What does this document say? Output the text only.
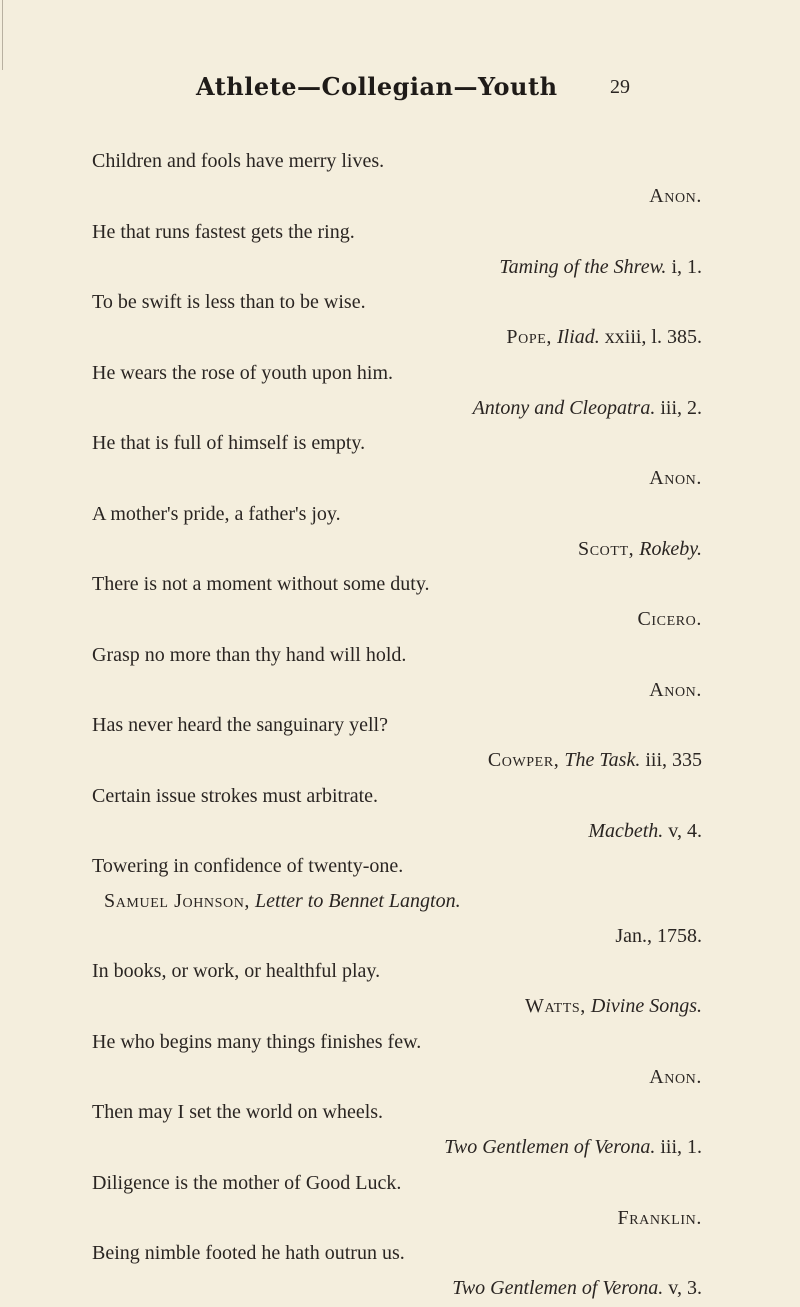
Athlete—Collegian—Youth	29
Children and fools have merry lives.
Anon.
He that runs fastest gets the ring.
Taming of the Shrew. i, 1.
To be swift is less than to be wise.
Pope, Iliad. xxiii, l. 385.
He wears the rose of youth upon him.
Antony and Cleopatra. iii, 2.
He that is full of himself is empty.
Anon.
A mother's pride, a father's joy.
Scott, Rokeby.
There is not a moment without some duty.
Cicero.
Grasp no more than thy hand will hold.
Anon.
Has never heard the sanguinary yell?
Cowper, The Task. iii, 335
Certain issue strokes must arbitrate.
Macbeth. v, 4.
Towering in confidence of twenty-one.
Samuel Johnson, Letter to Bennet Langton.
Jan., 1758.
In books, or work, or healthful play.
Watts, Divine Songs.
He who begins many things finishes few.
Anon.
Then may I set the world on wheels.
Two Gentlemen of Verona. iii, 1.
Diligence is the mother of Good Luck.
Franklin.
Being nimble footed he hath outrun us.
Two Gentlemen of Verona. v, 3.
